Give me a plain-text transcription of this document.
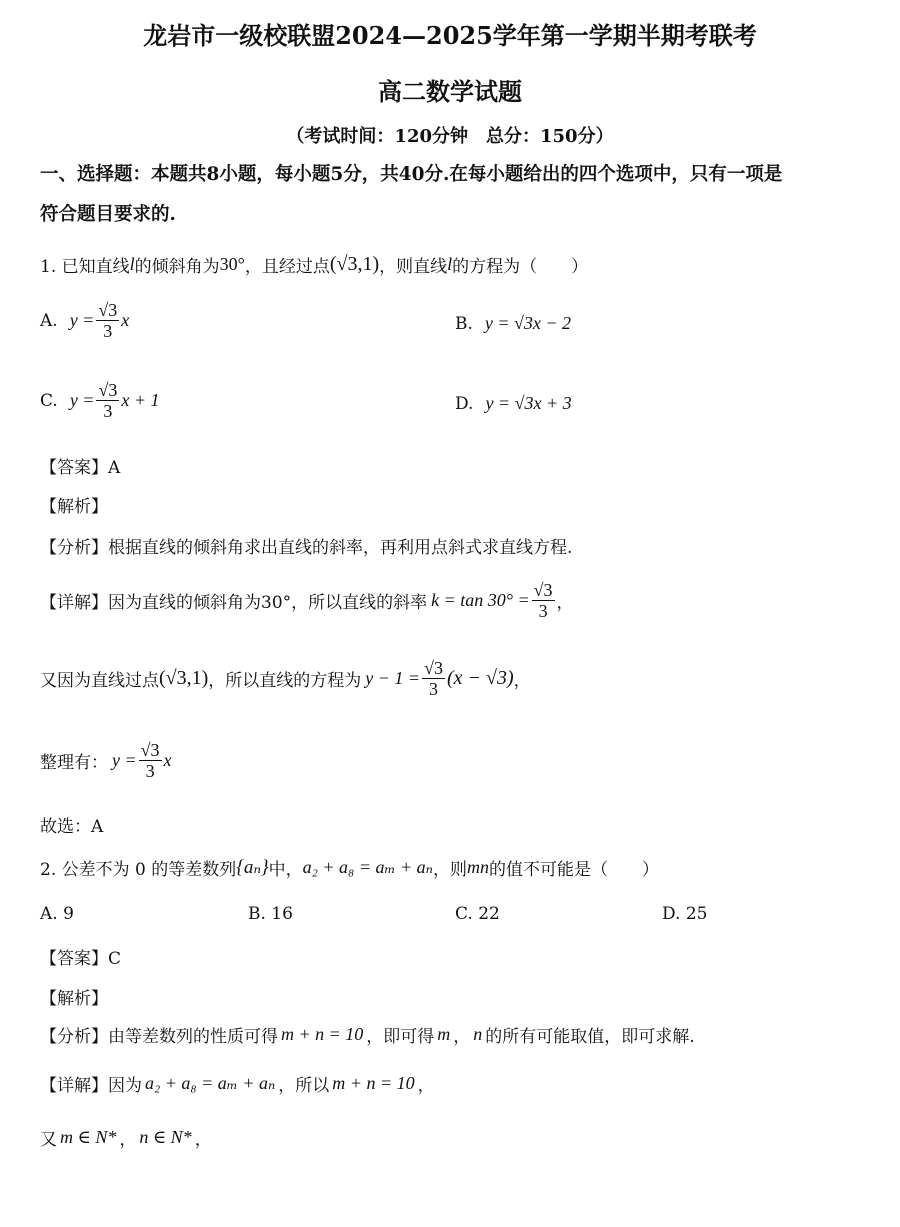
龙岩市一级校联盟2024—2025学年第一学期半期考联考
高二数学试题
（考试时间：120分钟　总分：150分）
一、选择题：本题共8小题，每小题5分，共40分.在每小题给出的四个选项中，只有一项是
符合题目要求的.
1. 已知直线 l 的倾斜角为 30° ，且经过点 (√3,1) ，则直线 l 的方程为（　　）
A. $y = \frac{√3}{3}$ x	B. y = √3x − 2
C. $y = \frac{√3}{3}$ x + 1	D. y = √3x + 3
【答案】A
【解析】
【分析】根据直线的倾斜角求出直线的斜率，再利用点斜式求直线方程.
【详解】因为直线的倾斜角为30°，所以直线的斜率 $k = \tan 30^\circ = \frac{√3}{3}$ ，
又因为直线过点 (√3,1) ，所以直线的方程为 $y - 1 = \frac{√3}{3} (x - √3)$ ，
整理有： $y = \frac{√3}{3}$ x
故选：A
2. 公差不为 0 的等差数列 {aₙ} 中， a₂ + a₈ = aₘ + aₙ ，则 mn 的值不可能是（　　）
A. 9	B. 16	C. 22	D. 25
【答案】C
【解析】
【分析】由等差数列的性质可得 m + n = 10 ，即可得 m ， n 的所有可能取值，即可求解.
【详解】因为 a₂ + a₈ = aₘ + aₙ ，所以 m + n = 10 ，
又 m ∈ N* ， n ∈ N* ，
